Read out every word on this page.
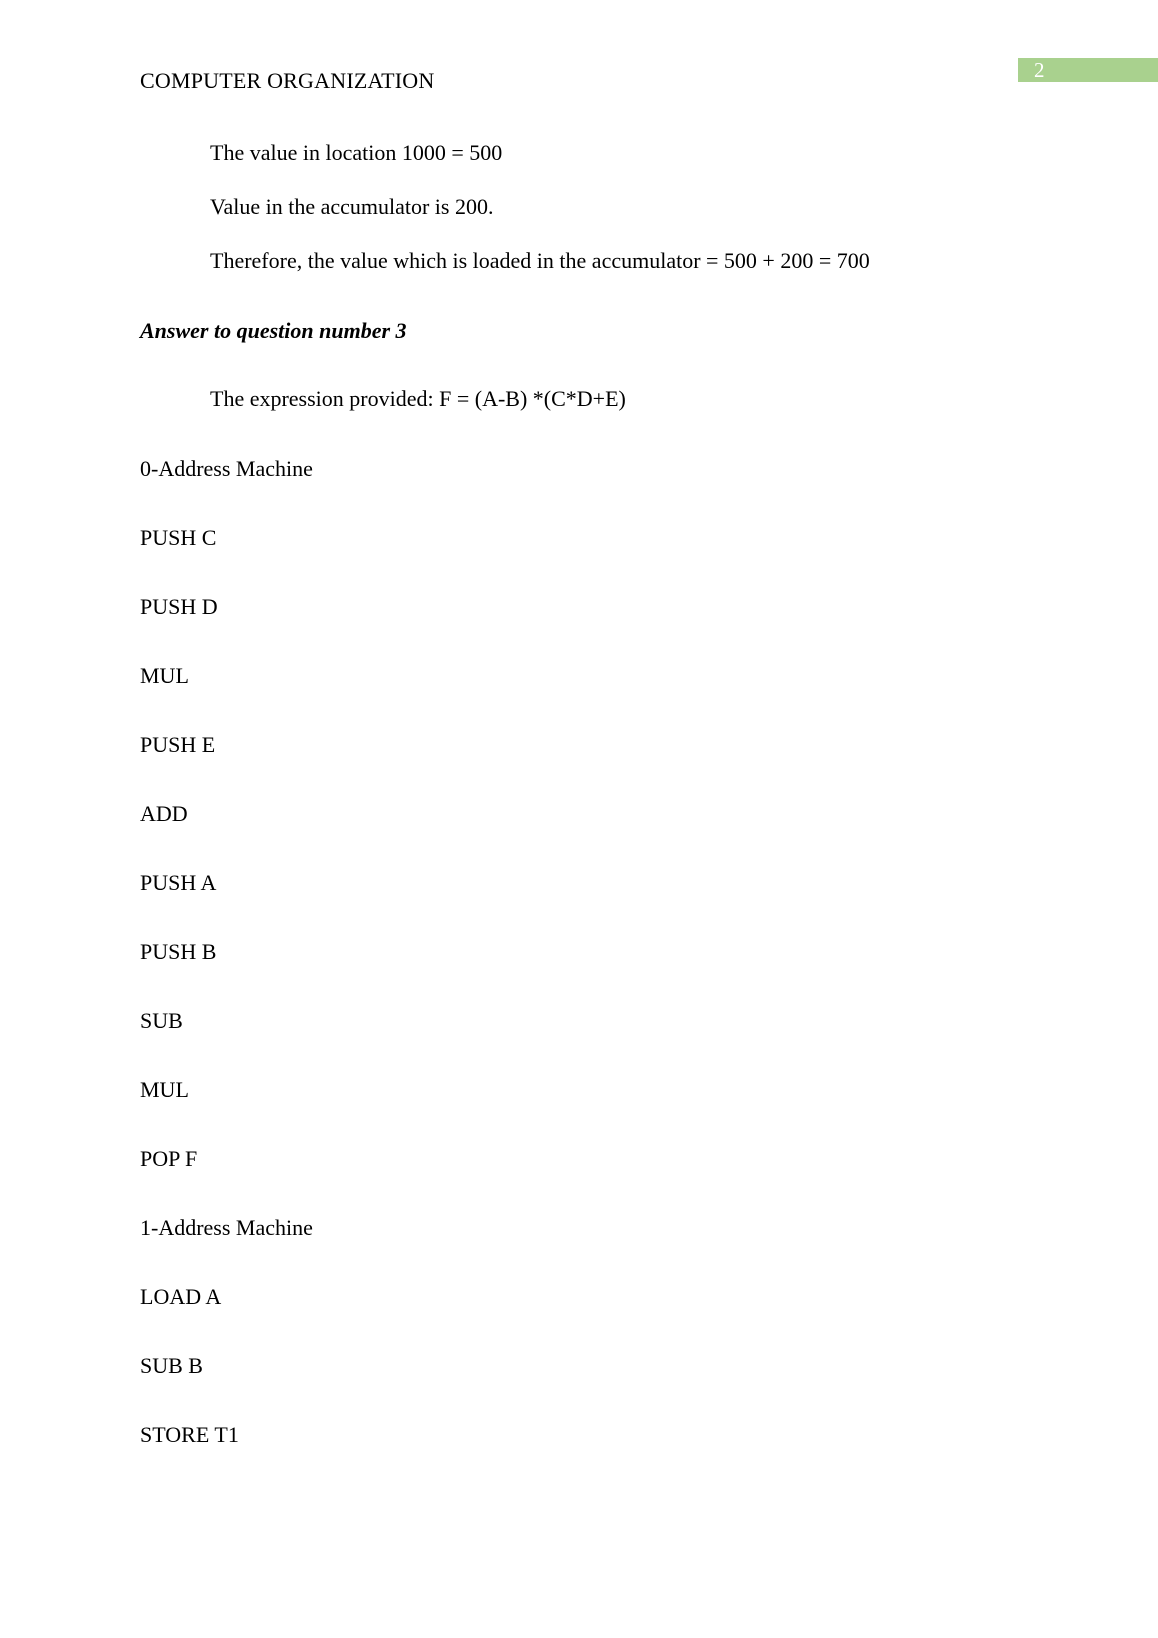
COMPUTER ORGANIZATION	2
The value in location 1000 = 500
Value in the accumulator is 200.
Therefore, the value which is loaded in the accumulator = 500 + 200 = 700
Answer to question number 3
The expression provided: F = (A-B) *(C*D+E)
0-Address Machine
PUSH C
PUSH D
MUL
PUSH E
ADD
PUSH A
PUSH B
SUB
MUL
POP F
1-Address Machine
LOAD A
SUB B
STORE T1
